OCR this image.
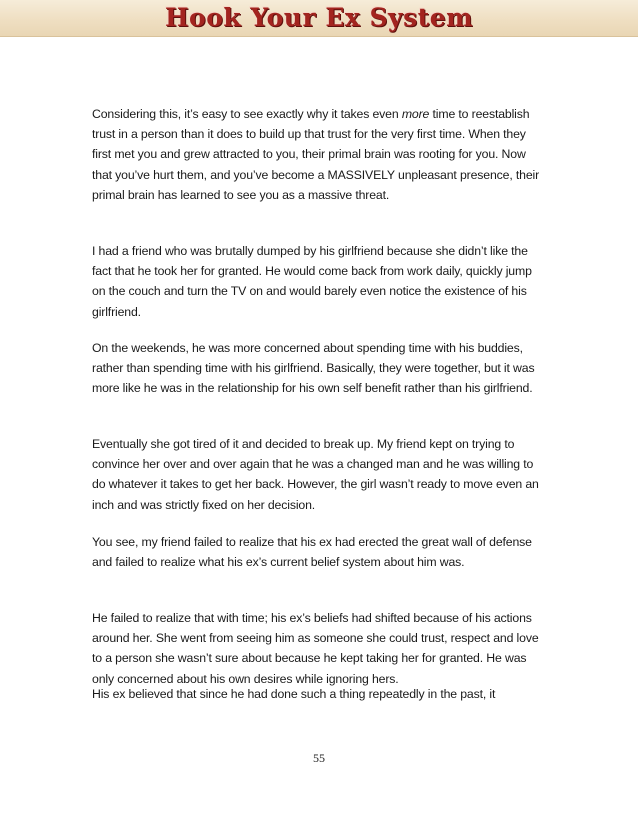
Hook Your Ex System

Considering this, it’s easy to see exactly why it takes even more time to reestablish trust in a person than it does to build up that trust for the very first time. When they first met you and grew attracted to you, their primal brain was rooting for you. Now that you’ve hurt them, and you’ve become a MASSIVELY unpleasant presence, their primal brain has learned to see you as a massive threat.

I had a friend who was brutally dumped by his girlfriend because she didn’t like the fact that he took her for granted. He would come back from work daily, quickly jump on the couch and turn the TV on and would barely even notice the existence of his girlfriend.

On the weekends, he was more concerned about spending time with his buddies, rather than spending time with his girlfriend. Basically, they were together, but it was more like he was in the relationship for his own self benefit rather than his girlfriend.

Eventually she got tired of it and decided to break up. My friend kept on trying to convince her over and over again that he was a changed man and he was willing to do whatever it takes to get her back. However, the girl wasn’t ready to move even an inch and was strictly fixed on her decision.

You see, my friend failed to realize that his ex had erected the great wall of defense and failed to realize what his ex’s current belief system about him was.

He failed to realize that with time; his ex’s beliefs had shifted because of his actions around her. She went from seeing him as someone she could trust, respect and love to a person she wasn’t sure about because he kept taking her for granted. He was only concerned about his own desires while ignoring hers.

His ex believed that since he had done such a thing repeatedly in the past, it

55
